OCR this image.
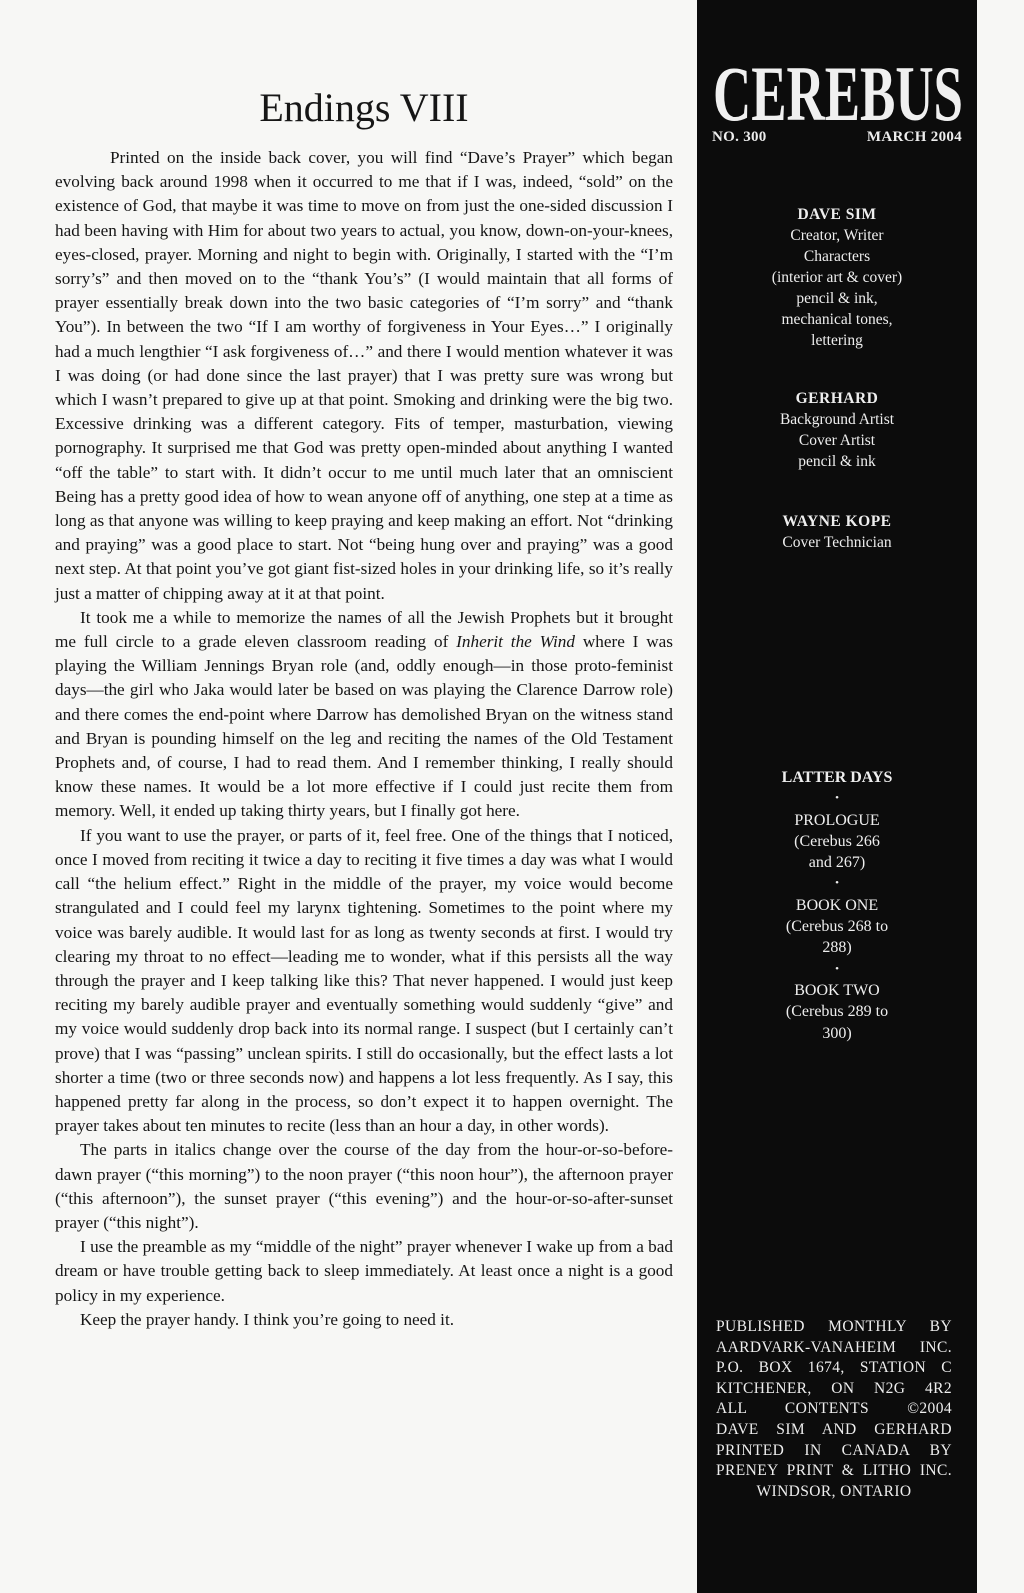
Endings VIII

Printed on the inside back cover, you will find “Dave’s Prayer” which began evolving back around 1998 when it occurred to me that if I was, indeed, “sold” on the existence of God, that maybe it was time to move on from just the one-sided discussion I had been having with Him for about two years to actual, you know, down-on-your-knees, eyes-closed, prayer. Morning and night to begin with. Originally, I started with the “I’m sorry’s” and then moved on to the “thank You’s” (I would maintain that all forms of prayer essentially break down into the two basic categories of “I’m sorry” and “thank You”). In between the two “If I am worthy of forgiveness in Your Eyes…” I originally had a much lengthier “I ask forgiveness of…” and there I would mention whatever it was I was doing (or had done since the last prayer) that I was pretty sure was wrong but which I wasn’t prepared to give up at that point. Smoking and drinking were the big two. Excessive drinking was a different category. Fits of temper, masturbation, viewing pornography. It surprised me that God was pretty open-minded about anything I wanted “off the table” to start with. It didn’t occur to me until much later that an omniscient Being has a pretty good idea of how to wean anyone off of anything, one step at a time as long as that anyone was willing to keep praying and keep making an effort. Not “drinking and praying” was a good place to start. Not “being hung over and praying” was a good next step. At that point you’ve got giant fist-sized holes in your drinking life, so it’s really just a matter of chipping away at it at that point.

It took me a while to memorize the names of all the Jewish Prophets but it brought me full circle to a grade eleven classroom reading of Inherit the Wind where I was playing the William Jennings Bryan role (and, oddly enough—in those proto-feminist days—the girl who Jaka would later be based on was playing the Clarence Darrow role) and there comes the end-point where Darrow has demolished Bryan on the witness stand and Bryan is pounding himself on the leg and reciting the names of the Old Testament Prophets and, of course, I had to read them. And I remember thinking, I really should know these names. It would be a lot more effective if I could just recite them from memory. Well, it ended up taking thirty years, but I finally got here.

If you want to use the prayer, or parts of it, feel free. One of the things that I noticed, once I moved from reciting it twice a day to reciting it five times a day was what I would call “the helium effect.” Right in the middle of the prayer, my voice would become strangulated and I could feel my larynx tightening. Sometimes to the point where my voice was barely audible. It would last for as long as twenty seconds at first. I would try clearing my throat to no effect—leading me to wonder, what if this persists all the way through the prayer and I keep talking like this? That never happened. I would just keep reciting my barely audible prayer and eventually something would suddenly “give” and my voice would suddenly drop back into its normal range. I suspect (but I certainly can’t prove) that I was “passing” unclean spirits. I still do occasionally, but the effect lasts a lot shorter a time (two or three seconds now) and happens a lot less frequently. As I say, this happened pretty far along in the process, so don’t expect it to happen overnight. The prayer takes about ten minutes to recite (less than an hour a day, in other words).

The parts in italics change over the course of the day from the hour-or-so-before-dawn prayer (“this morning”) to the noon prayer (“this noon hour”), the afternoon prayer (“this afternoon”), the sunset prayer (“this evening”) and the hour-or-so-after-sunset prayer (“this night”).

I use the preamble as my “middle of the night” prayer whenever I wake up from a bad dream or have trouble getting back to sleep immediately. At least once a night is a good policy in my experience.

Keep the prayer handy. I think you’re going to need it.

CEREBUS
NO. 300	MARCH 2004
DAVE SIM
Creator, Writer
Characters
(interior art & cover)
pencil & ink,
mechanical tones,
lettering
GERHARD
Background Artist
Cover Artist
pencil & ink
WAYNE KOPE
Cover Technician
LATTER DAYS
•
PROLOGUE
(Cerebus 266
and 267)
•
BOOK ONE
(Cerebus 268 to
288)
•
BOOK TWO
(Cerebus 289 to
300)
PUBLISHED MONTHLY BY
AARDVARK-VANAHEIM INC.
P.O. BOX 1674, STATION C
KITCHENER, ON N2G 4R2
ALL CONTENTS ©2004
DAVE SIM AND GERHARD
PRINTED IN CANADA BY
PRENEY PRINT & LITHO INC.
WINDSOR, ONTARIO
